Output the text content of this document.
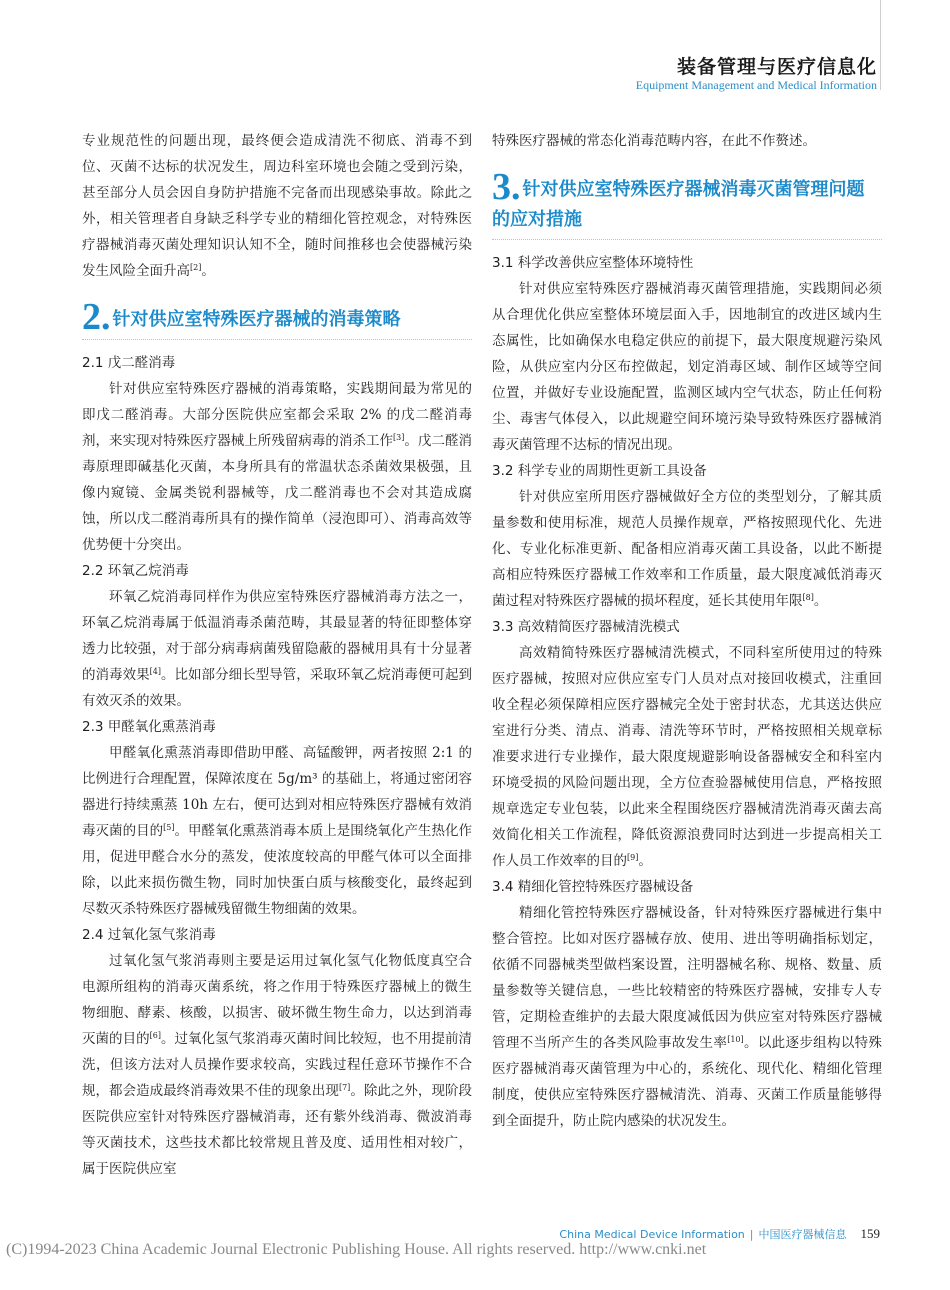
装备管理与医疗信息化
Equipment Management and Medical Information

专业规范性的问题出现，最终便会造成清洗不彻底、消毒不到位、灭菌不达标的状况发生，周边科室环境也会随之受到污染，甚至部分人员会因自身防护措施不完备而出现感染事故。除此之外，相关管理者自身缺乏科学专业的精细化管控观念，对特殊医疗器械消毒灭菌处理知识认知不全，随时间推移也会使器械污染发生风险全面升高[2]。

2. 针对供应室特殊医疗器械的消毒策略

2.1 戊二醛消毒

针对供应室特殊医疗器械的消毒策略，实践期间最为常见的即戊二醛消毒。大部分医院供应室都会采取 2% 的戊二醛消毒剂，来实现对特殊医疗器械上所残留病毒的消杀工作[3]。戊二醛消毒原理即碱基化灭菌，本身所具有的常温状态杀菌效果极强，且像内窥镜、金属类锐利器械等，戊二醛消毒也不会对其造成腐蚀，所以戊二醛消毒所具有的操作简单（浸泡即可）、消毒高效等优势便十分突出。

2.2 环氧乙烷消毒

环氧乙烷消毒同样作为供应室特殊医疗器械消毒方法之一，环氧乙烷消毒属于低温消毒杀菌范畴，其最显著的特征即整体穿透力比较强，对于部分病毒病菌残留隐蔽的器械用具有十分显著的消毒效果[4]。比如部分细长型导管，采取环氧乙烷消毒便可起到有效灭杀的效果。

2.3 甲醛氧化熏蒸消毒

甲醛氧化熏蒸消毒即借助甲醛、高锰酸钾，两者按照 2:1 的比例进行合理配置，保障浓度在 5g/m³ 的基础上，将通过密闭容器进行持续熏蒸 10h 左右，便可达到对相应特殊医疗器械有效消毒灭菌的目的[5]。甲醛氧化熏蒸消毒本质上是围绕氧化产生热化作用，促进甲醛合水分的蒸发，使浓度较高的甲醛气体可以全面排除，以此来损伤微生物，同时加快蛋白质与核酸变化，最终起到尽数灭杀特殊医疗器械残留微生物细菌的效果。

2.4 过氧化氢气浆消毒

过氧化氢气浆消毒则主要是运用过氧化氢气化物低度真空合电源所组构的消毒灭菌系统，将之作用于特殊医疗器械上的微生物细胞、酵素、核酸，以损害、破坏微生物生命力，以达到消毒灭菌的目的[6]。过氧化氢气浆消毒灭菌时间比较短，也不用提前清洗，但该方法对人员操作要求较高，实践过程任意环节操作不合规，都会造成最终消毒效果不佳的现象出现[7]。除此之外，现阶段医院供应室针对特殊医疗器械消毒，还有紫外线消毒、微波消毒等灭菌技术，这些技术都比较常规且普及度、适用性相对较广，属于医院供应室

特殊医疗器械的常态化消毒范畴内容，在此不作赘述。

3. 针对供应室特殊医疗器械消毒灭菌管理问题的应对措施

3.1 科学改善供应室整体环境特性

针对供应室特殊医疗器械消毒灭菌管理措施，实践期间必须从合理优化供应室整体环境层面入手，因地制宜的改进区域内生态属性，比如确保水电稳定供应的前提下，最大限度规避污染风险，从供应室内分区布控做起，划定消毒区域、制作区域等空间位置，并做好专业设施配置，监测区域内空气状态，防止任何粉尘、毒害气体侵入，以此规避空间环境污染导致特殊医疗器械消毒灭菌管理不达标的情况出现。

3.2 科学专业的周期性更新工具设备

针对供应室所用医疗器械做好全方位的类型划分，了解其质量参数和使用标准，规范人员操作规章，严格按照现代化、先进化、专业化标准更新、配备相应消毒灭菌工具设备，以此不断提高相应特殊医疗器械工作效率和工作质量，最大限度减低消毒灭菌过程对特殊医疗器械的损坏程度，延长其使用年限[8]。

3.3 高效精简医疗器械清洗模式

高效精简特殊医疗器械清洗模式，不同科室所使用过的特殊医疗器械，按照对应供应室专门人员对点对接回收模式，注重回收全程必须保障相应医疗器械完全处于密封状态，尤其送达供应室进行分类、清点、消毒、清洗等环节时，严格按照相关规章标准要求进行专业操作，最大限度规避影响设备器械安全和科室内环境受损的风险问题出现，全方位查验器械使用信息，严格按照规章选定专业包装，以此来全程围绕医疗器械清洗消毒灭菌去高效简化相关工作流程，降低资源浪费同时达到进一步提高相关工作人员工作效率的目的[9]。

3.4 精细化管控特殊医疗器械设备

精细化管控特殊医疗器械设备，针对特殊医疗器械进行集中整合管控。比如对医疗器械存放、使用、进出等明确指标划定，依循不同器械类型做档案设置，注明器械名称、规格、数量、质量参数等关键信息，一些比较精密的特殊医疗器械，安排专人专管，定期检查维护的去最大限度减低因为供应室对特殊医疗器械管理不当所产生的各类风险事故发生率[10]。以此逐步组构以特殊医疗器械消毒灭菌管理为中心的，系统化、现代化、精细化管理制度，使供应室特殊医疗器械清洗、消毒、灭菌工作质量能够得到全面提升，防止院内感染的状况发生。

China Medical Device Information | 中国医疗器械信息 159
(C)1994-2023 China Academic Journal Electronic Publishing House. All rights reserved. http://www.cnki.net
